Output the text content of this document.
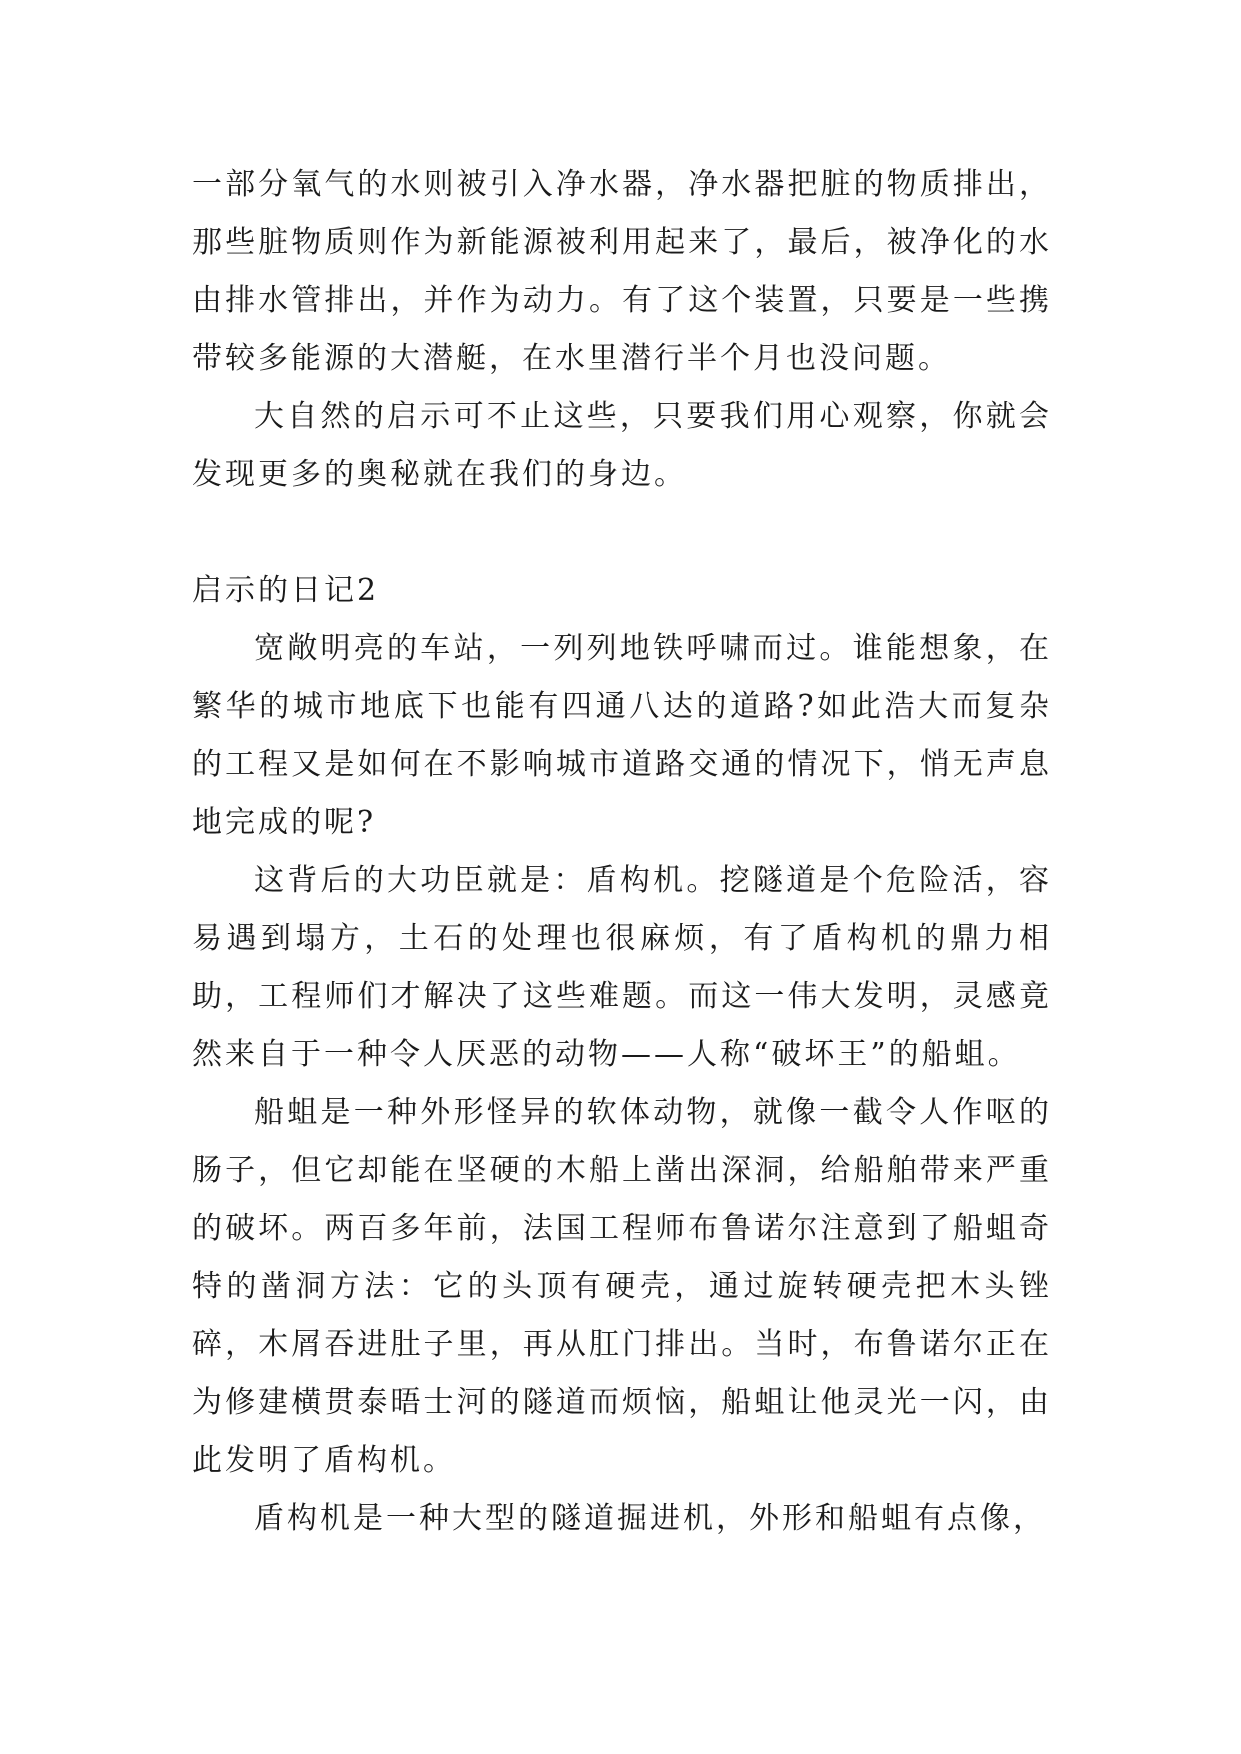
一部分氧气的水则被引入净水器，净水器把脏的物质排出，那些脏物质则作为新能源被利用起来了，最后，被净化的水由排水管排出，并作为动力。有了这个装置，只要是一些携带较多能源的大潜艇，在水里潜行半个月也没问题。

大自然的启示可不止这些，只要我们用心观察，你就会发现更多的奥秘就在我们的身边。

启示的日记2

宽敞明亮的车站，一列列地铁呼啸而过。谁能想象，在繁华的城市地底下也能有四通八达的道路?如此浩大而复杂的工程又是如何在不影响城市道路交通的情况下，悄无声息地完成的呢?

这背后的大功臣就是：盾构机。挖隧道是个危险活，容易遇到塌方，土石的处理也很麻烦，有了盾构机的鼎力相助，工程师们才解决了这些难题。而这一伟大发明，灵感竟然来自于一种令人厌恶的动物——人称“破坏王”的船蛆。

船蛆是一种外形怪异的软体动物，就像一截令人作呕的肠子，但它却能在坚硬的木船上凿出深洞，给船舶带来严重的破坏。两百多年前，法国工程师布鲁诺尔注意到了船蛆奇特的凿洞方法：它的头顶有硬壳，通过旋转硬壳把木头锉碎，木屑吞进肚子里，再从肛门排出。当时，布鲁诺尔正在为修建横贯泰晤士河的隧道而烦恼，船蛆让他灵光一闪，由此发明了盾构机。

盾构机是一种大型的隧道掘进机，外形和船蛆有点像，
